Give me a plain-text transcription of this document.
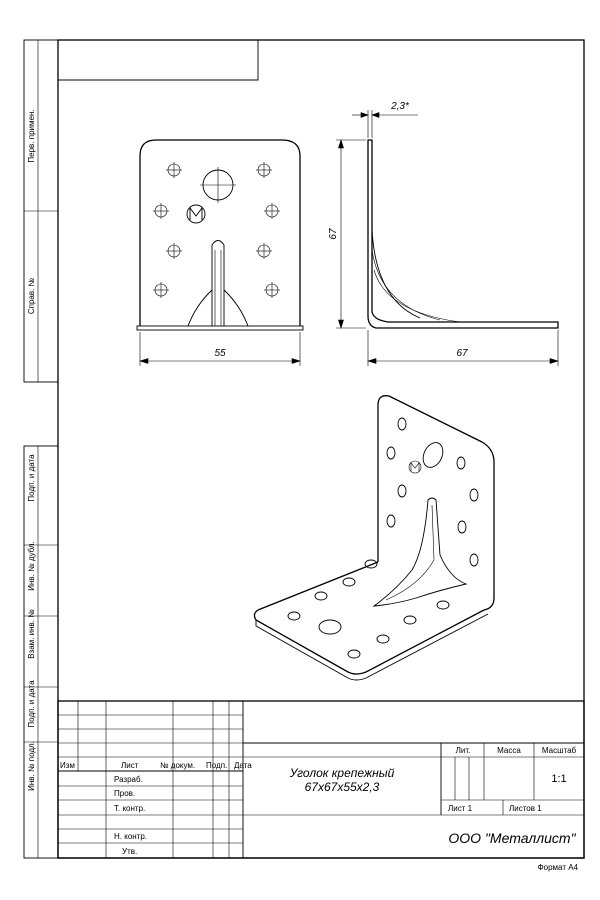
Перв. примен.
Справ. №
Подп. и дата
Инв. № дубл.
Взам. инв. №
Подп. и дата
Инв. № подл.
55
67
67
2,3*
Изм	Лист	№ докум. Подп. Дата
Разраб.
Пров.
Т. контр.
Н. контр.
Утв.
Уголок крепежный
67х67х55х2,3
Лит.	Масса	Масштаб
1:1
Лист 1	Листов 1
ООО "Металлист"
Формат А4
